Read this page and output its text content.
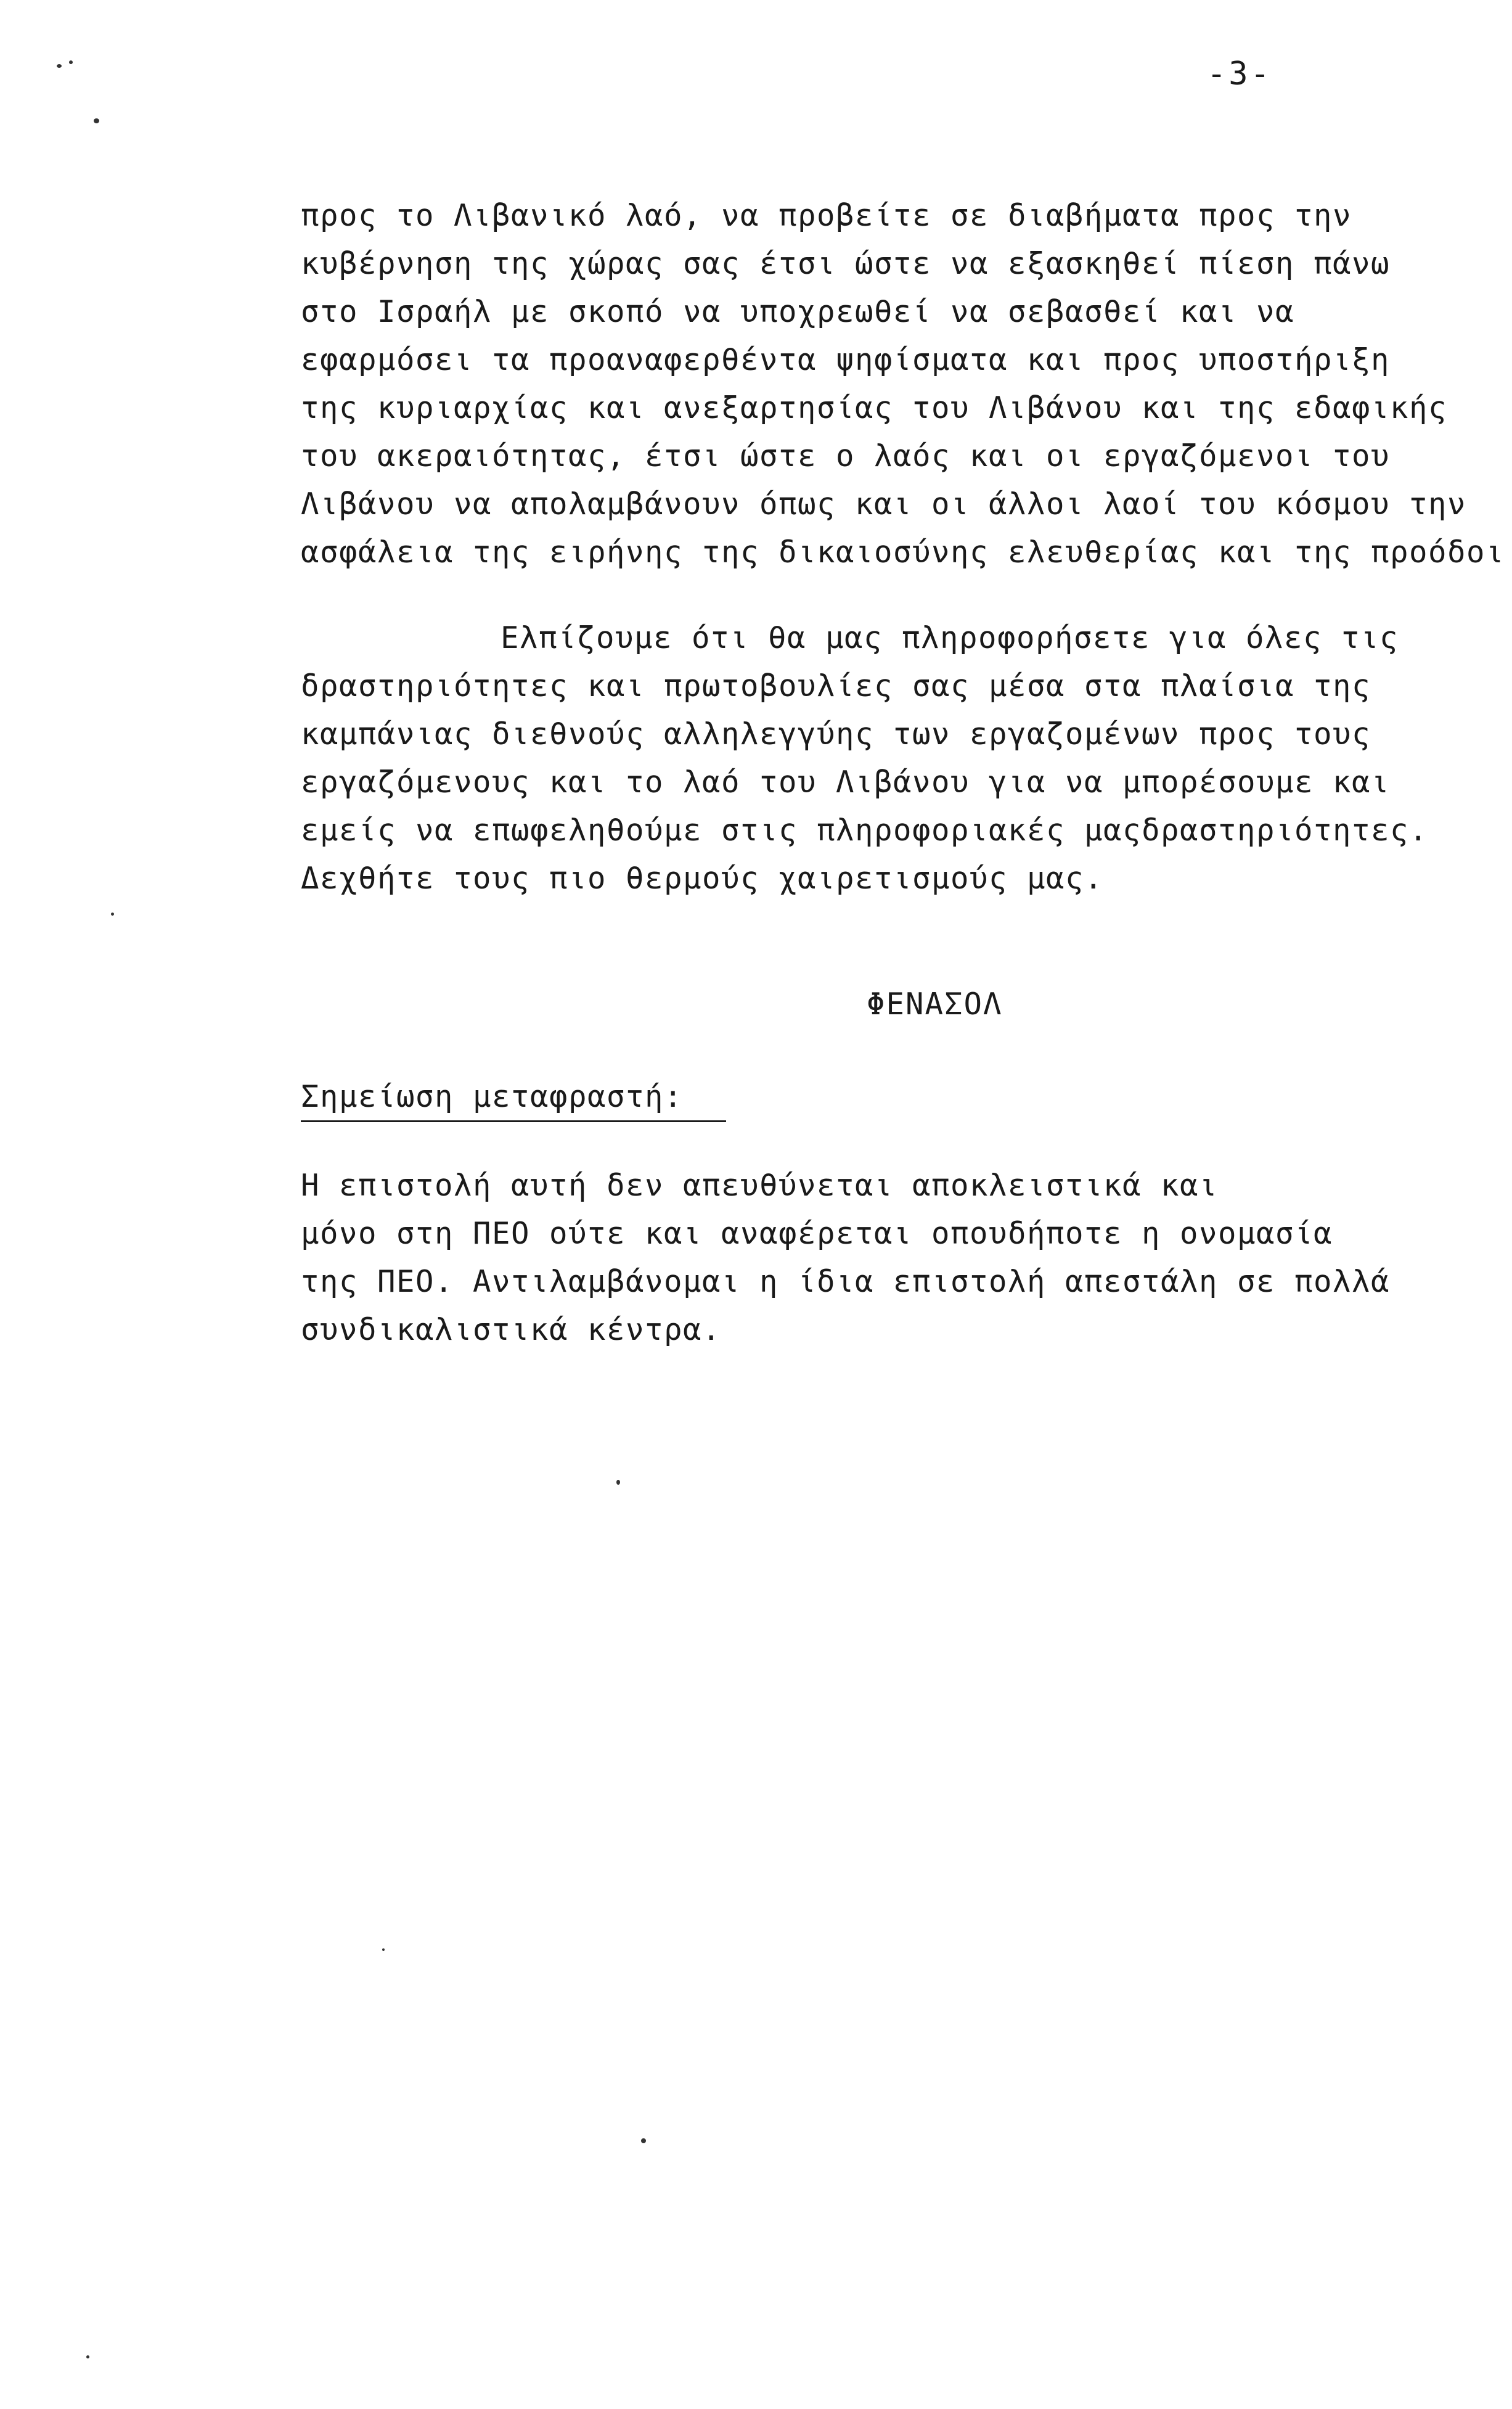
-3-
προς το Λιβανικό λαό, να προβείτε σε διαβήματα προς την
κυβέρνηση της χώρας σας έτσι ώστε να εξασκηθεί πίεση πάνω
στο Ισραήλ με σκοπό να υποχρεωθεί να σεβασθεί και να
εφαρμόσει τα προαναφερθέντα ψηφίσματα και προς υποστήριξη
της κυριαρχίας και ανεξαρτησίας του Λιβάνου και της εδαφικής
του ακεραιότητας, έτσι ώστε ο λαός και οι εργαζόμενοι του
Λιβάνου να απολαμβάνουν όπως και οι άλλοι λαοί του κόσμου την
ασφάλεια της ειρήνης της δικαιοσύνης ελευθερίας και της προόδοι
Ελπίζουμε ότι θα μας πληροφορήσετε για όλες τις
δραστηριότητες και πρωτοβουλίες σας μέσα στα πλαίσια της
καμπάνιας διεθνούς αλληλεγγύης των εργαζομένων προς τους
εργαζόμενους και το λαό του Λιβάνου για να μπορέσουμε και
εμείς να επωφεληθούμε στις πληροφοριακές μαςδραστηριότητες.
Δεχθήτε τους πιο θερμούς χαιρετισμούς μας.
ΦΕΝΑΣΟΛ
Σημείωση μεταφραστή:
Η επιστολή αυτή δεν απευθύνεται αποκλειστικά και
μόνο στη ΠΕΟ ούτε και αναφέρεται οπουδήποτε η ονομασία
της ΠΕΟ. Αντιλαμβάνομαι η ίδια επιστολή απεστάλη σε πολλά
συνδικαλιστικά κέντρα.
